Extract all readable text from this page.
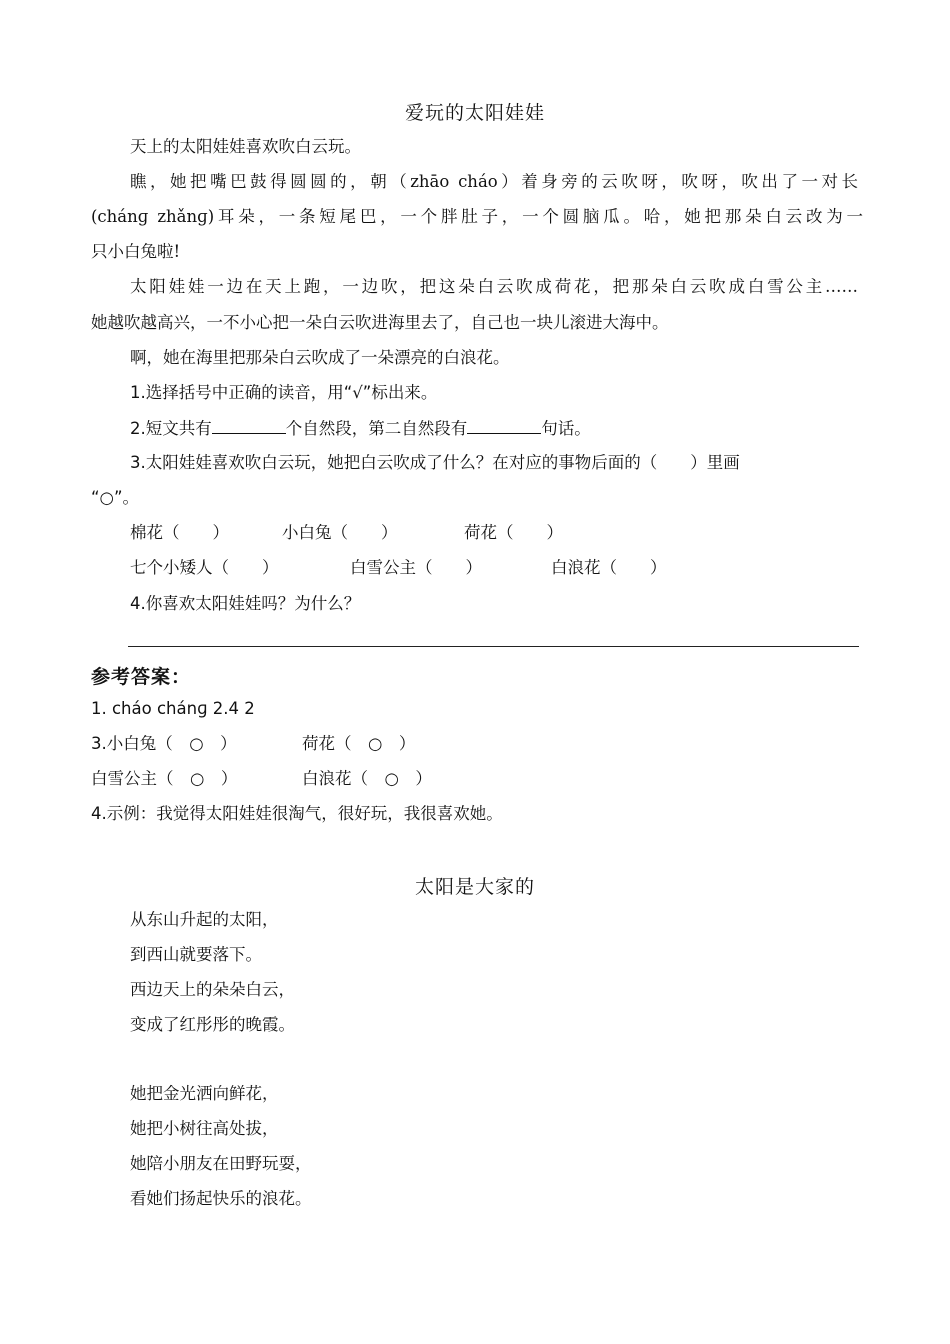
爱玩的太阳娃娃
天上的太阳娃娃喜欢吹白云玩。
瞧，她把嘴巴鼓得圆圆的，朝（zhāo cháo）着身旁的云吹呀，吹呀，吹出了一对长
(chánɡ zhǎnɡ)耳朵，一条短尾巴，一个胖肚子，一个圆脑瓜。哈，她把那朵白云改为一
只小白兔啦!
太阳娃娃一边在天上跑，一边吹，把这朵白云吹成荷花，把那朵白云吹成白雪公主……
她越吹越高兴，一不小心把一朵白云吹进海里去了，自己也一块儿滚进大海中。
啊，她在海里把那朵白云吹成了一朵漂亮的白浪花。
1.选择括号中正确的读音，用“√”标出来。
2.短文共有	个自然段，第二自然段有	句话。
3.太阳娃娃喜欢吹白云玩，她把白云吹成了什么？在对应的事物后面的（　　）里画
“○”。
棉花（　　）	小白兔（　　）	荷花（　　）
七个小矮人（　　）	白雪公主（　　）	白浪花（　　）
4.你喜欢太阳娃娃吗？为什么？
参考答案：
1. cháo chánɡ 2.4 2
3.小白兔（　○　）	荷花（　○　）
白雪公主（　○　）	白浪花（　○　）
4.示例：我觉得太阳娃娃很淘气，很好玩，我很喜欢她。
太阳是大家的
从东山升起的太阳，
到西山就要落下。
西边天上的朵朵白云，
变成了红彤彤的晚霞。
她把金光洒向鲜花，
她把小树往高处拔，
她陪小朋友在田野玩耍，
看她们扬起快乐的浪花。
